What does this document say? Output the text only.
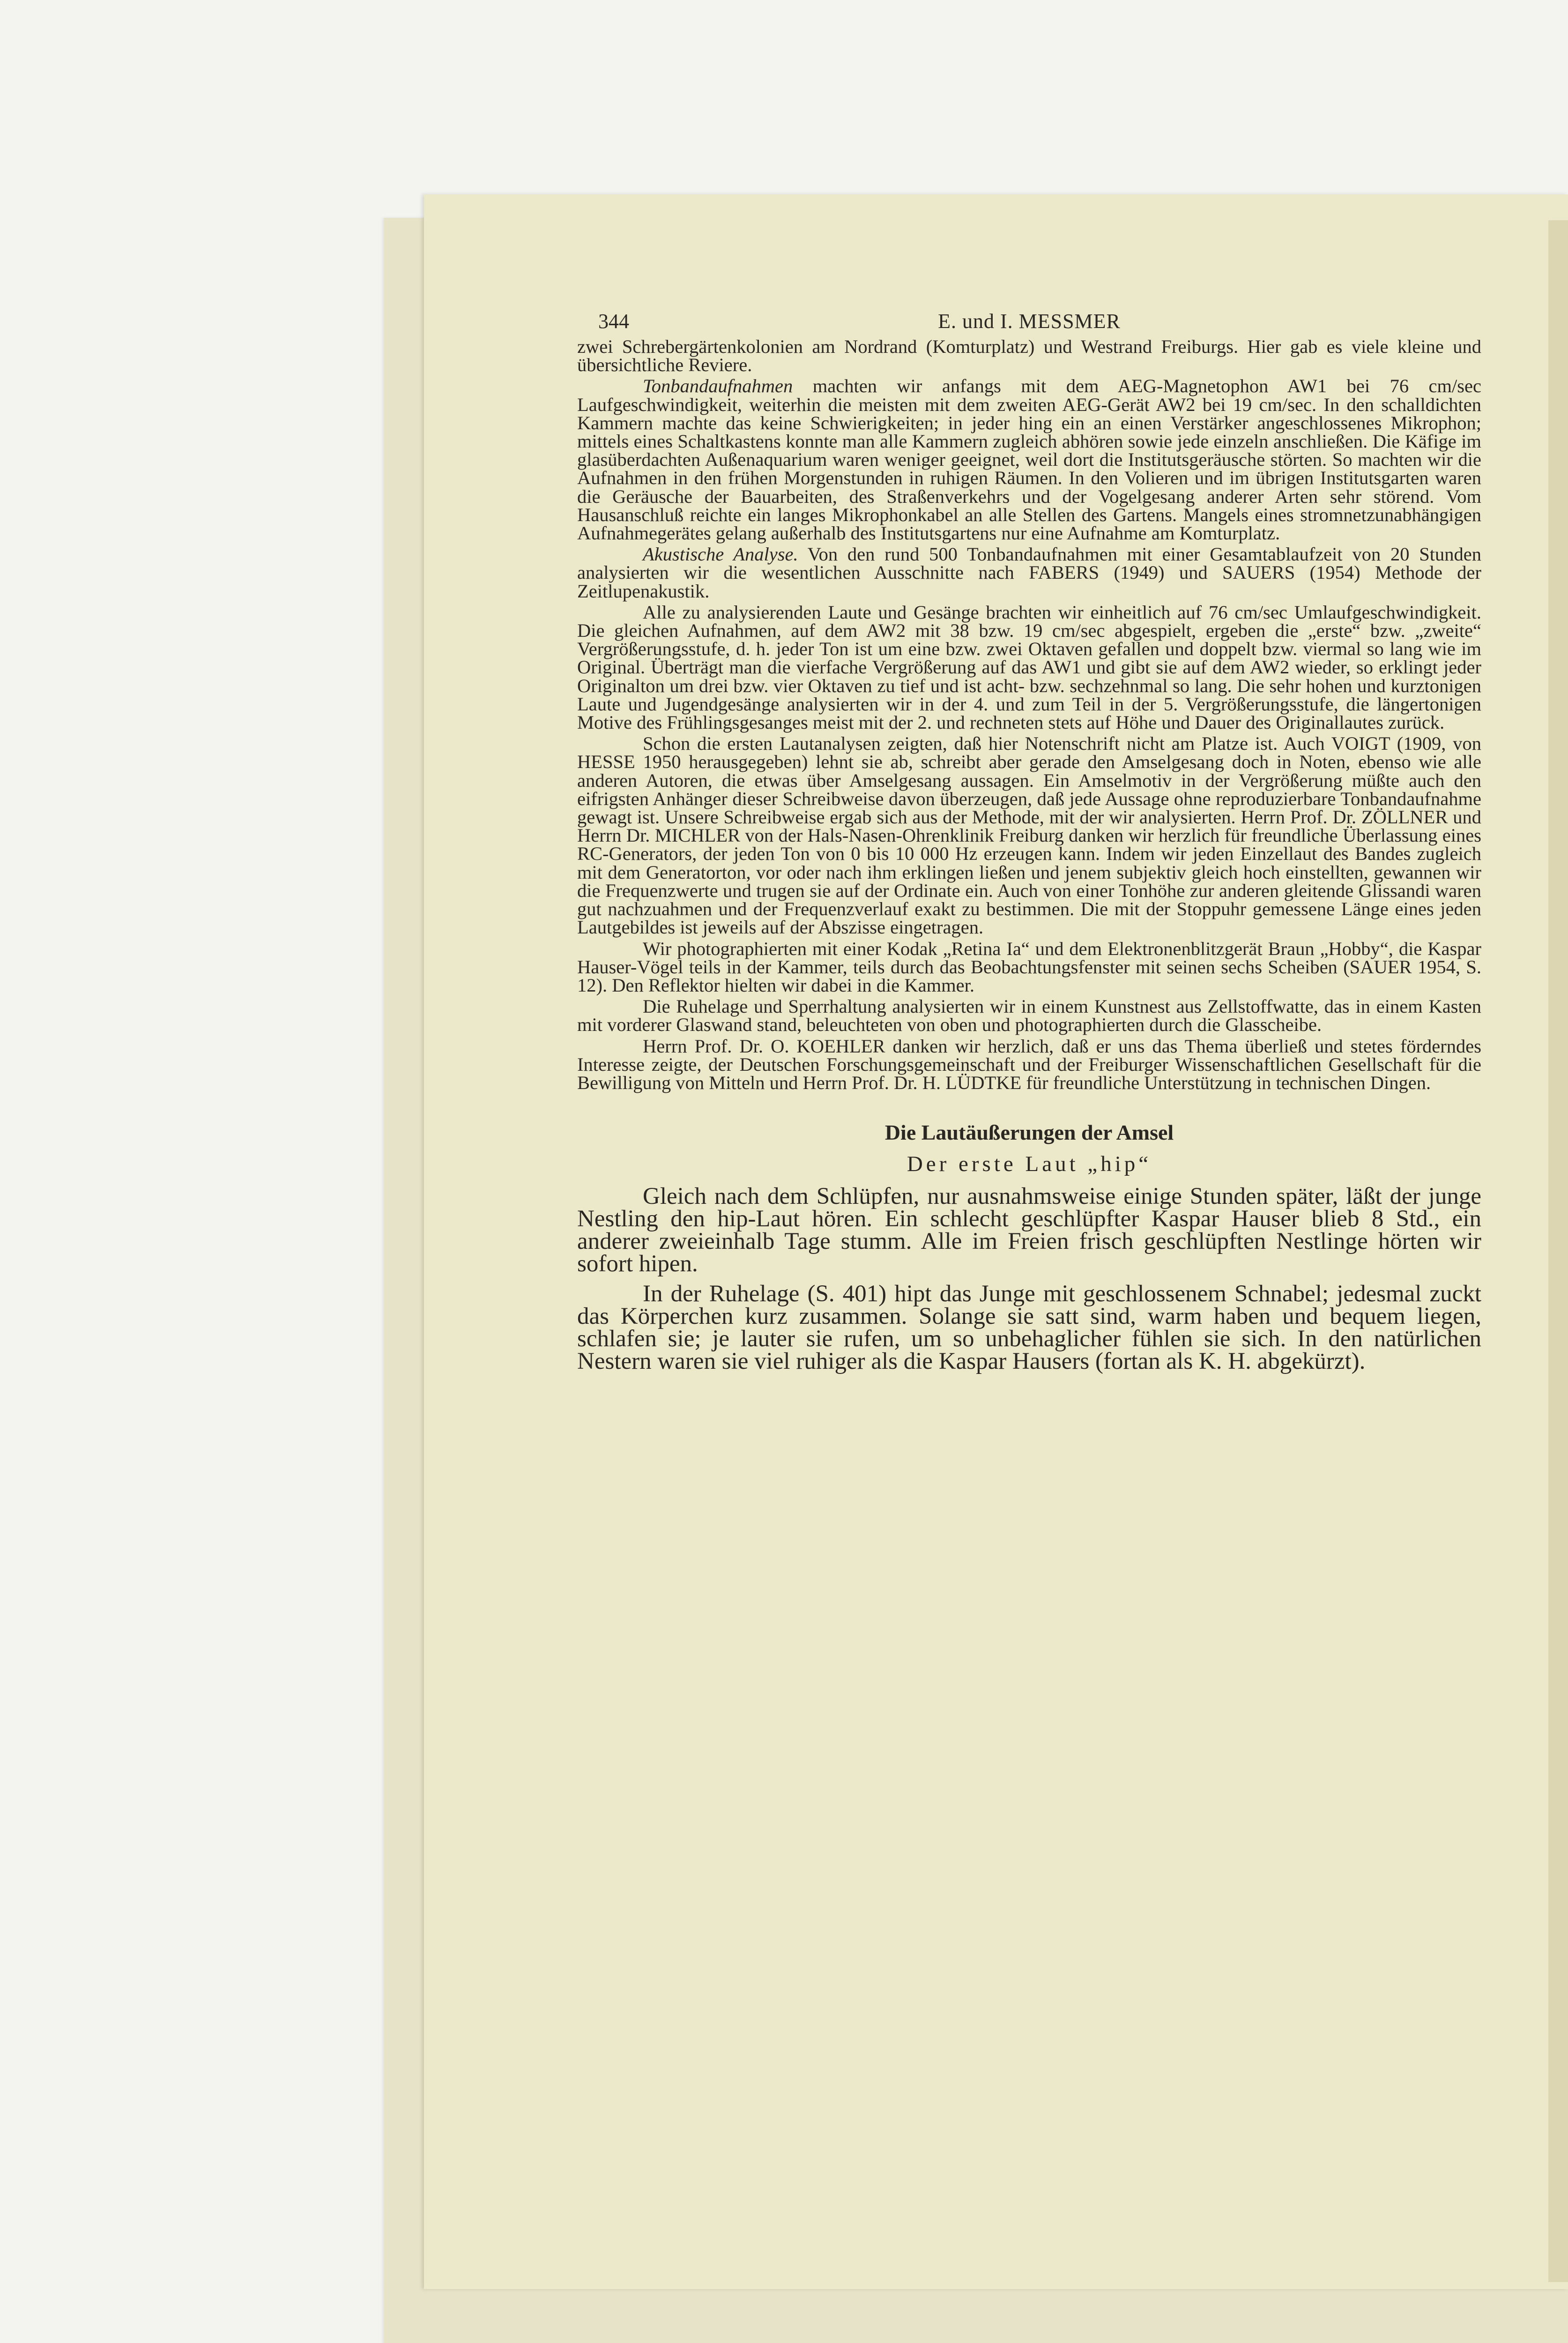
344	E. und I. MESSMER

zwei Schrebergärtenkolonien am Nordrand (Komturplatz) und Westrand Freiburgs. Hier gab es viele kleine und übersichtliche Reviere.

Tonbandaufnahmen machten wir anfangs mit dem AEG-Magnetophon AW1 bei 76 cm/sec Laufgeschwindigkeit, weiterhin die meisten mit dem zweiten AEG-Gerät AW2 bei 19 cm/sec. In den schalldichten Kammern machte das keine Schwierigkeiten; in jeder hing ein an einen Verstärker angeschlossenes Mikrophon; mittels eines Schaltkastens konnte man alle Kammern zugleich abhören sowie jede einzeln anschließen. Die Käfige im glasüberdachten Außenaquarium waren weniger geeignet, weil dort die Institutsgeräusche störten. So machten wir die Aufnahmen in den frühen Morgenstunden in ruhigen Räumen. In den Volieren und im übrigen Institutsgarten waren die Geräusche der Bauarbeiten, des Straßenverkehrs und der Vogelgesang anderer Arten sehr störend. Vom Hausanschluß reichte ein langes Mikrophonkabel an alle Stellen des Gartens. Mangels eines stromnetzunabhängigen Aufnahmegerätes gelang außerhalb des Institutsgartens nur eine Aufnahme am Komturplatz.

Akustische Analyse. Von den rund 500 Tonbandaufnahmen mit einer Gesamtablaufzeit von 20 Stunden analysierten wir die wesentlichen Ausschnitte nach FABERS (1949) und SAUERS (1954) Methode der Zeitlupenakustik.

Alle zu analysierenden Laute und Gesänge brachten wir einheitlich auf 76 cm/sec Umlaufgeschwindigkeit. Die gleichen Aufnahmen, auf dem AW2 mit 38 bzw. 19 cm/sec abgespielt, ergeben die „erste“ bzw. „zweite“ Vergrößerungsstufe, d. h. jeder Ton ist um eine bzw. zwei Oktaven gefallen und doppelt bzw. viermal so lang wie im Original. Überträgt man die vierfache Vergrößerung auf das AW1 und gibt sie auf dem AW2 wieder, so erklingt jeder Originalton um drei bzw. vier Oktaven zu tief und ist acht- bzw. sechzehnmal so lang. Die sehr hohen und kurztonigen Laute und Jugendgesänge analysierten wir in der 4. und zum Teil in der 5. Vergrößerungsstufe, die längertonigen Motive des Frühlingsgesanges meist mit der 2. und rechneten stets auf Höhe und Dauer des Originallautes zurück.

Schon die ersten Lautanalysen zeigten, daß hier Notenschrift nicht am Platze ist. Auch VOIGT (1909, von HESSE 1950 herausgegeben) lehnt sie ab, schreibt aber gerade den Amselgesang doch in Noten, ebenso wie alle anderen Autoren, die etwas über Amselgesang aussagen. Ein Amselmotiv in der Vergrößerung müßte auch den eifrigsten Anhänger dieser Schreibweise davon überzeugen, daß jede Aussage ohne reproduzierbare Tonbandaufnahme gewagt ist. Unsere Schreibweise ergab sich aus der Methode, mit der wir analysierten. Herrn Prof. Dr. ZÖLLNER und Herrn Dr. MICHLER von der Hals-Nasen-Ohrenklinik Freiburg danken wir herzlich für freundliche Überlassung eines RC-Generators, der jeden Ton von 0 bis 10 000 Hz erzeugen kann. Indem wir jeden Einzellaut des Bandes zugleich mit dem Generatorton, vor oder nach ihm erklingen ließen und jenem subjektiv gleich hoch einstellten, gewannen wir die Frequenzwerte und trugen sie auf der Ordinate ein. Auch von einer Tonhöhe zur anderen gleitende Glissandi waren gut nachzuahmen und der Frequenzverlauf exakt zu bestimmen. Die mit der Stoppuhr gemessene Länge eines jeden Lautgebildes ist jeweils auf der Abszisse eingetragen.

Wir photographierten mit einer Kodak „Retina Ia“ und dem Elektronenblitzgerät Braun „Hobby“, die Kaspar Hauser-Vögel teils in der Kammer, teils durch das Beobachtungsfenster mit seinen sechs Scheiben (SAUER 1954, S. 12). Den Reflektor hielten wir dabei in die Kammer.

Die Ruhelage und Sperrhaltung analysierten wir in einem Kunstnest aus Zellstoffwatte, das in einem Kasten mit vorderer Glaswand stand, beleuchteten von oben und photographierten durch die Glasscheibe.

Herrn Prof. Dr. O. KOEHLER danken wir herzlich, daß er uns das Thema überließ und stetes förderndes Interesse zeigte, der Deutschen Forschungsgemeinschaft und der Freiburger Wissenschaftlichen Gesellschaft für die Bewilligung von Mitteln und Herrn Prof. Dr. H. LÜDTKE für freundliche Unterstützung in technischen Dingen.

Die Lautäußerungen der Amsel
Der erste Laut „hip“

Gleich nach dem Schlüpfen, nur ausnahmsweise einige Stunden später, läßt der junge Nestling den hip-Laut hören. Ein schlecht geschlüpfter Kaspar Hauser blieb 8 Std., ein anderer zweieinhalb Tage stumm. Alle im Freien frisch geschlüpften Nestlinge hörten wir sofort hipen.

In der Ruhelage (S. 401) hipt das Junge mit geschlossenem Schnabel; jedesmal zuckt das Körperchen kurz zusammen. Solange sie satt sind, warm haben und bequem liegen, schlafen sie; je lauter sie rufen, um so unbehaglicher fühlen sie sich. In den natürlichen Nestern waren sie viel ruhiger als die Kaspar Hausers (fortan als K. H. abgekürzt).
